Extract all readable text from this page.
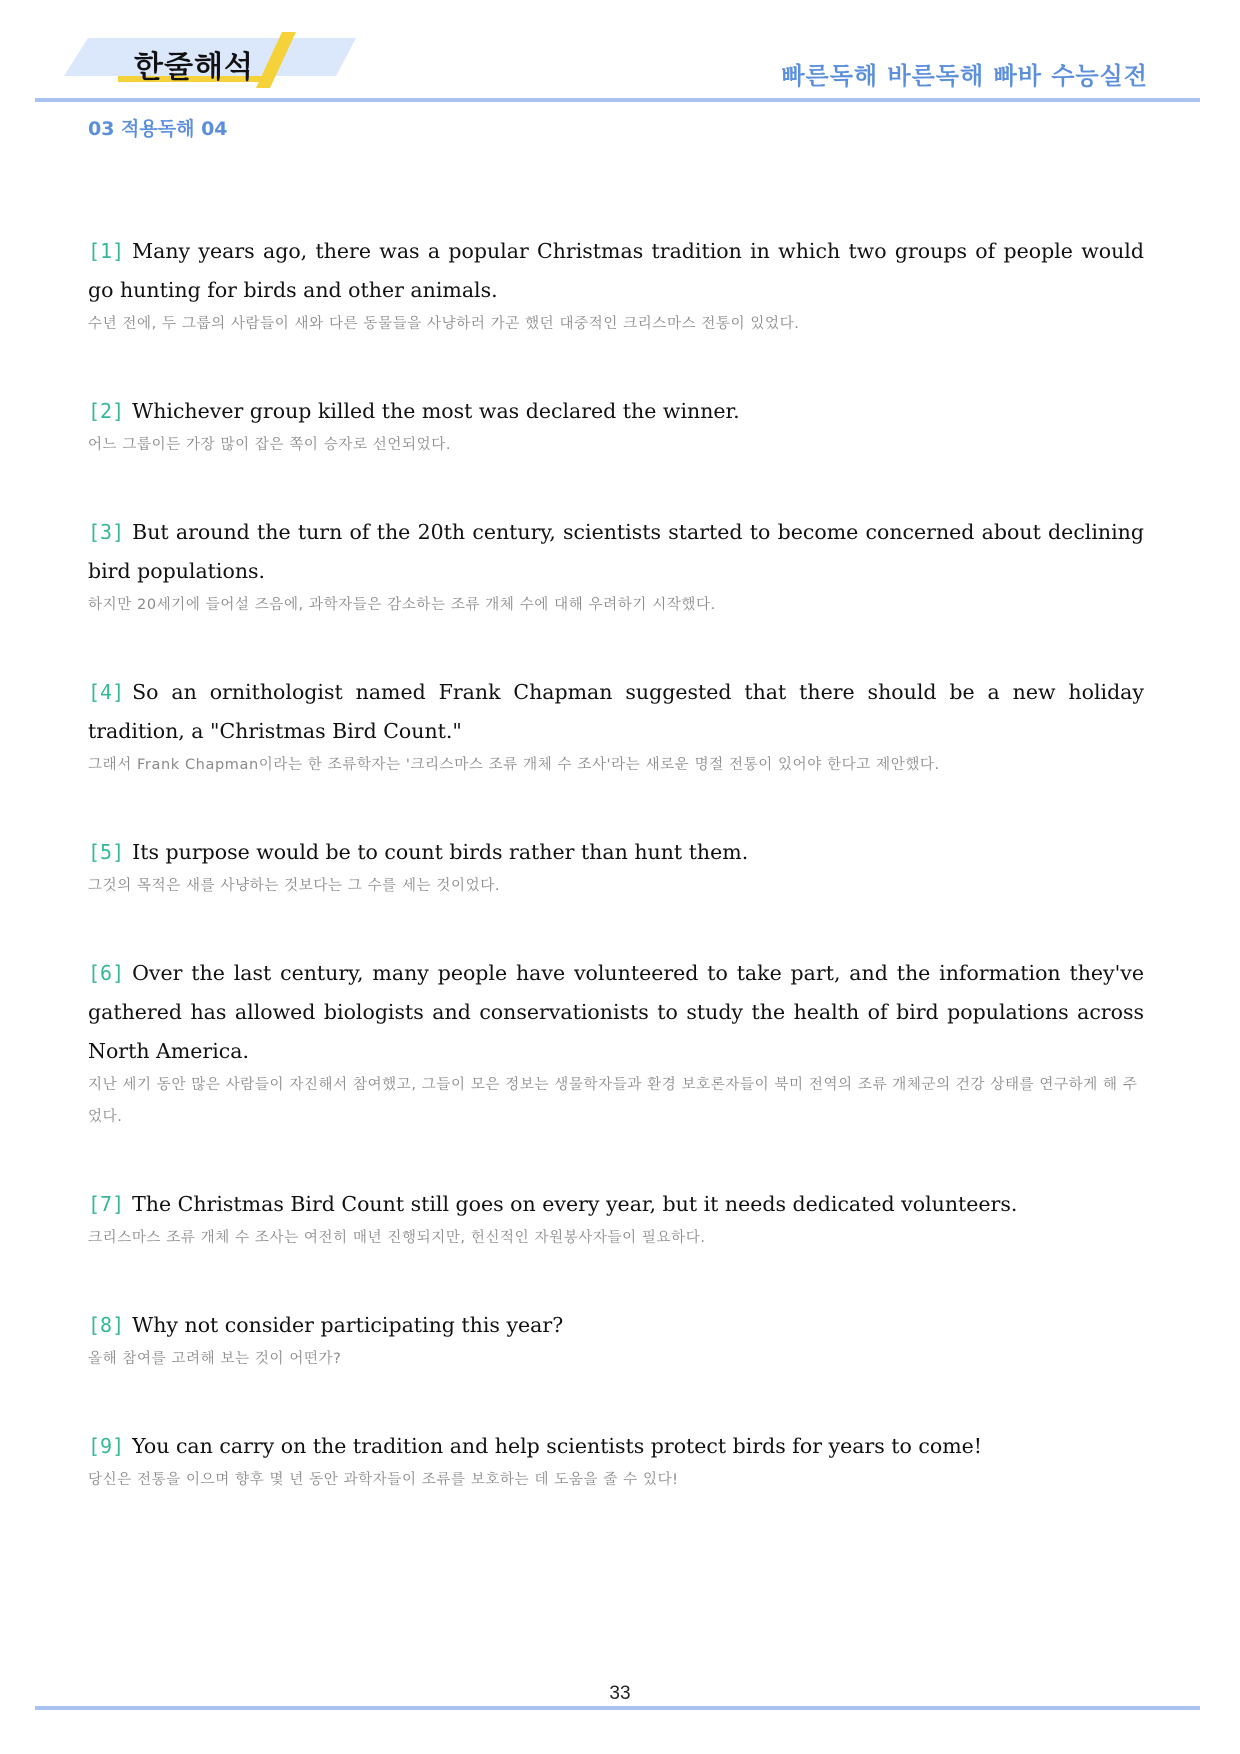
한줄해석	빠른독해 바른독해 빠바 수능실전
03 적용독해 04
[1] Many years ago, there was a popular Christmas tradition in which two groups of people would go hunting for birds and other animals.
수년 전에, 두 그룹의 사람들이 새와 다른 동물들을 사냥하러 가곤 했던 대중적인 크리스마스 전통이 있었다.
[2] Whichever group killed the most was declared the winner.
어느 그룹이든 가장 많이 잡은 쪽이 승자로 선언되었다.
[3] But around the turn of the 20th century, scientists started to become concerned about declining bird populations.
하지만 20세기에 들어설 즈음에, 과학자들은 감소하는 조류 개체 수에 대해 우려하기 시작했다.
[4] So an ornithologist named Frank Chapman suggested that there should be a new holiday tradition, a "Christmas Bird Count."
그래서 Frank Chapman이라는 한 조류학자는 '크리스마스 조류 개체 수 조사'라는 새로운 명절 전통이 있어야 한다고 제안했다.
[5] Its purpose would be to count birds rather than hunt them.
그것의 목적은 새를 사냥하는 것보다는 그 수를 세는 것이었다.
[6] Over the last century, many people have volunteered to take part, and the information they've gathered has allowed biologists and conservationists to study the health of bird populations across North America.
지난 세기 동안 많은 사람들이 자진해서 참여했고, 그들이 모은 정보는 생물학자들과 환경 보호론자들이 북미 전역의 조류 개체군의 건강 상태를 연구하게 해 주었다.
[7] The Christmas Bird Count still goes on every year, but it needs dedicated volunteers.
크리스마스 조류 개체 수 조사는 여전히 매년 진행되지만, 헌신적인 자원봉사자들이 필요하다.
[8] Why not consider participating this year?
올해 참여를 고려해 보는 것이 어떤가?
[9] You can carry on the tradition and help scientists protect birds for years to come!
당신은 전통을 이으며 향후 몇 년 동안 과학자들이 조류를 보호하는 데 도움을 줄 수 있다!
33
